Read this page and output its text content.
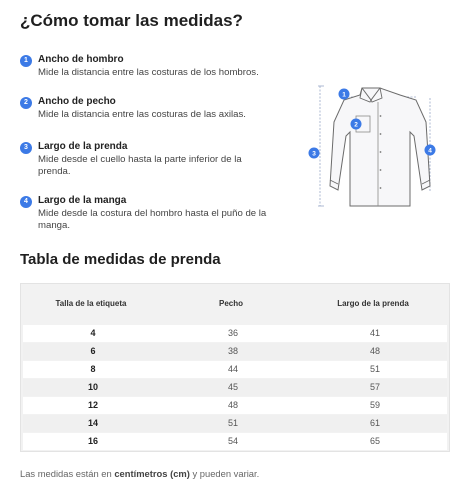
¿Cómo tomar las medidas?
1	Ancho de hombro
Mide la distancia entre las costuras de los hombros.
2	Ancho de pecho
Mide la distancia entre las costuras de las axilas.
3	Largo de la prenda
Mide desde el cuello hasta la parte inferior de la prenda.
4	Largo de la manga
Mide desde la costura del hombro hasta el puño de la manga.
1
2
3	4
Tabla de medidas de prenda
Talla de la etiqueta	Pecho	Largo de la prenda
4	36	41
6	38	48
8	44	51
10	45	57
12	48	59
14	51	61
16	54	65
Las medidas están en centímetros (cm) y pueden variar.
